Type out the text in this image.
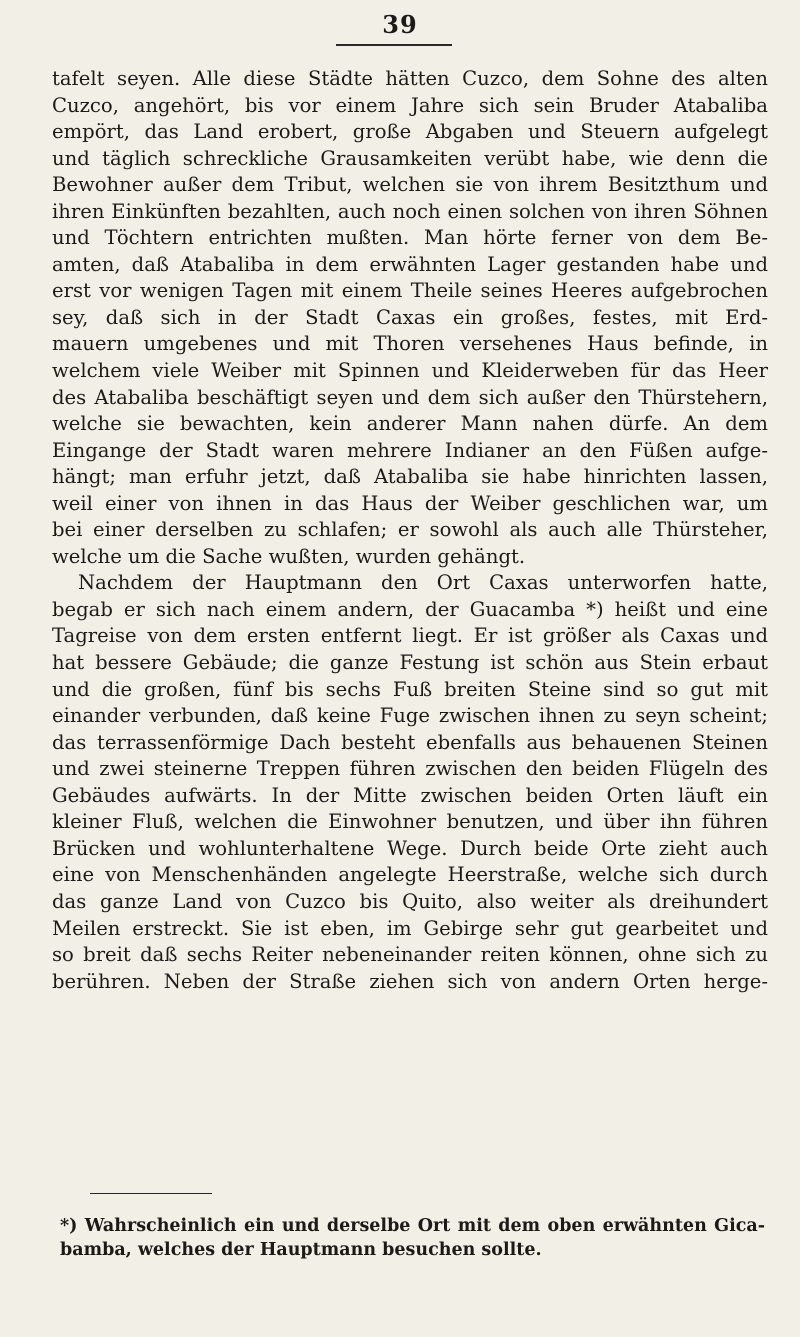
39
tafelt seyen. Alle diese Städte hätten Cuzco, dem Sohne des alten
Cuzco, angehört, bis vor einem Jahre sich sein Bruder Atabaliba
empört, das Land erobert, große Abgaben und Steuern aufgelegt
und täglich schreckliche Grausamkeiten verübt habe, wie denn die
Bewohner außer dem Tribut, welchen sie von ihrem Besitzthum und
ihren Einkünften bezahlten, auch noch einen solchen von ihren Söhnen
und Töchtern entrichten mußten. Man hörte ferner von dem Be-
amten, daß Atabaliba in dem erwähnten Lager gestanden habe und
erst vor wenigen Tagen mit einem Theile seines Heeres aufgebrochen
sey, daß sich in der Stadt Caxas ein großes, festes, mit Erd-
mauern umgebenes und mit Thoren versehenes Haus befinde, in
welchem viele Weiber mit Spinnen und Kleiderweben für das Heer
des Atabaliba beschäftigt seyen und dem sich außer den Thürstehern,
welche sie bewachten, kein anderer Mann nahen dürfe. An dem
Eingange der Stadt waren mehrere Indianer an den Füßen aufge-
hängt; man erfuhr jetzt, daß Atabaliba sie habe hinrichten lassen,
weil einer von ihnen in das Haus der Weiber geschlichen war, um
bei einer derselben zu schlafen; er sowohl als auch alle Thürsteher,
welche um die Sache wußten, wurden gehängt.
Nachdem der Hauptmann den Ort Caxas unterworfen hatte,
begab er sich nach einem andern, der Guacamba *) heißt und eine
Tagreise von dem ersten entfernt liegt. Er ist größer als Caxas und
hat bessere Gebäude; die ganze Festung ist schön aus Stein erbaut
und die großen, fünf bis sechs Fuß breiten Steine sind so gut mit
einander verbunden, daß keine Fuge zwischen ihnen zu seyn scheint;
das terrassenförmige Dach besteht ebenfalls aus behauenen Steinen
und zwei steinerne Treppen führen zwischen den beiden Flügeln des
Gebäudes aufwärts. In der Mitte zwischen beiden Orten läuft ein
kleiner Fluß, welchen die Einwohner benutzen, und über ihn führen
Brücken und wohlunterhaltene Wege. Durch beide Orte zieht auch
eine von Menschenhänden angelegte Heerstraße, welche sich durch
das ganze Land von Cuzco bis Quito, also weiter als dreihundert
Meilen erstreckt. Sie ist eben, im Gebirge sehr gut gearbeitet und
so breit daß sechs Reiter nebeneinander reiten können, ohne sich zu
berühren. Neben der Straße ziehen sich von andern Orten herge-
*) Wahrscheinlich ein und derselbe Ort mit dem oben erwähnten Gica-
bamba, welches der Hauptmann besuchen sollte.
